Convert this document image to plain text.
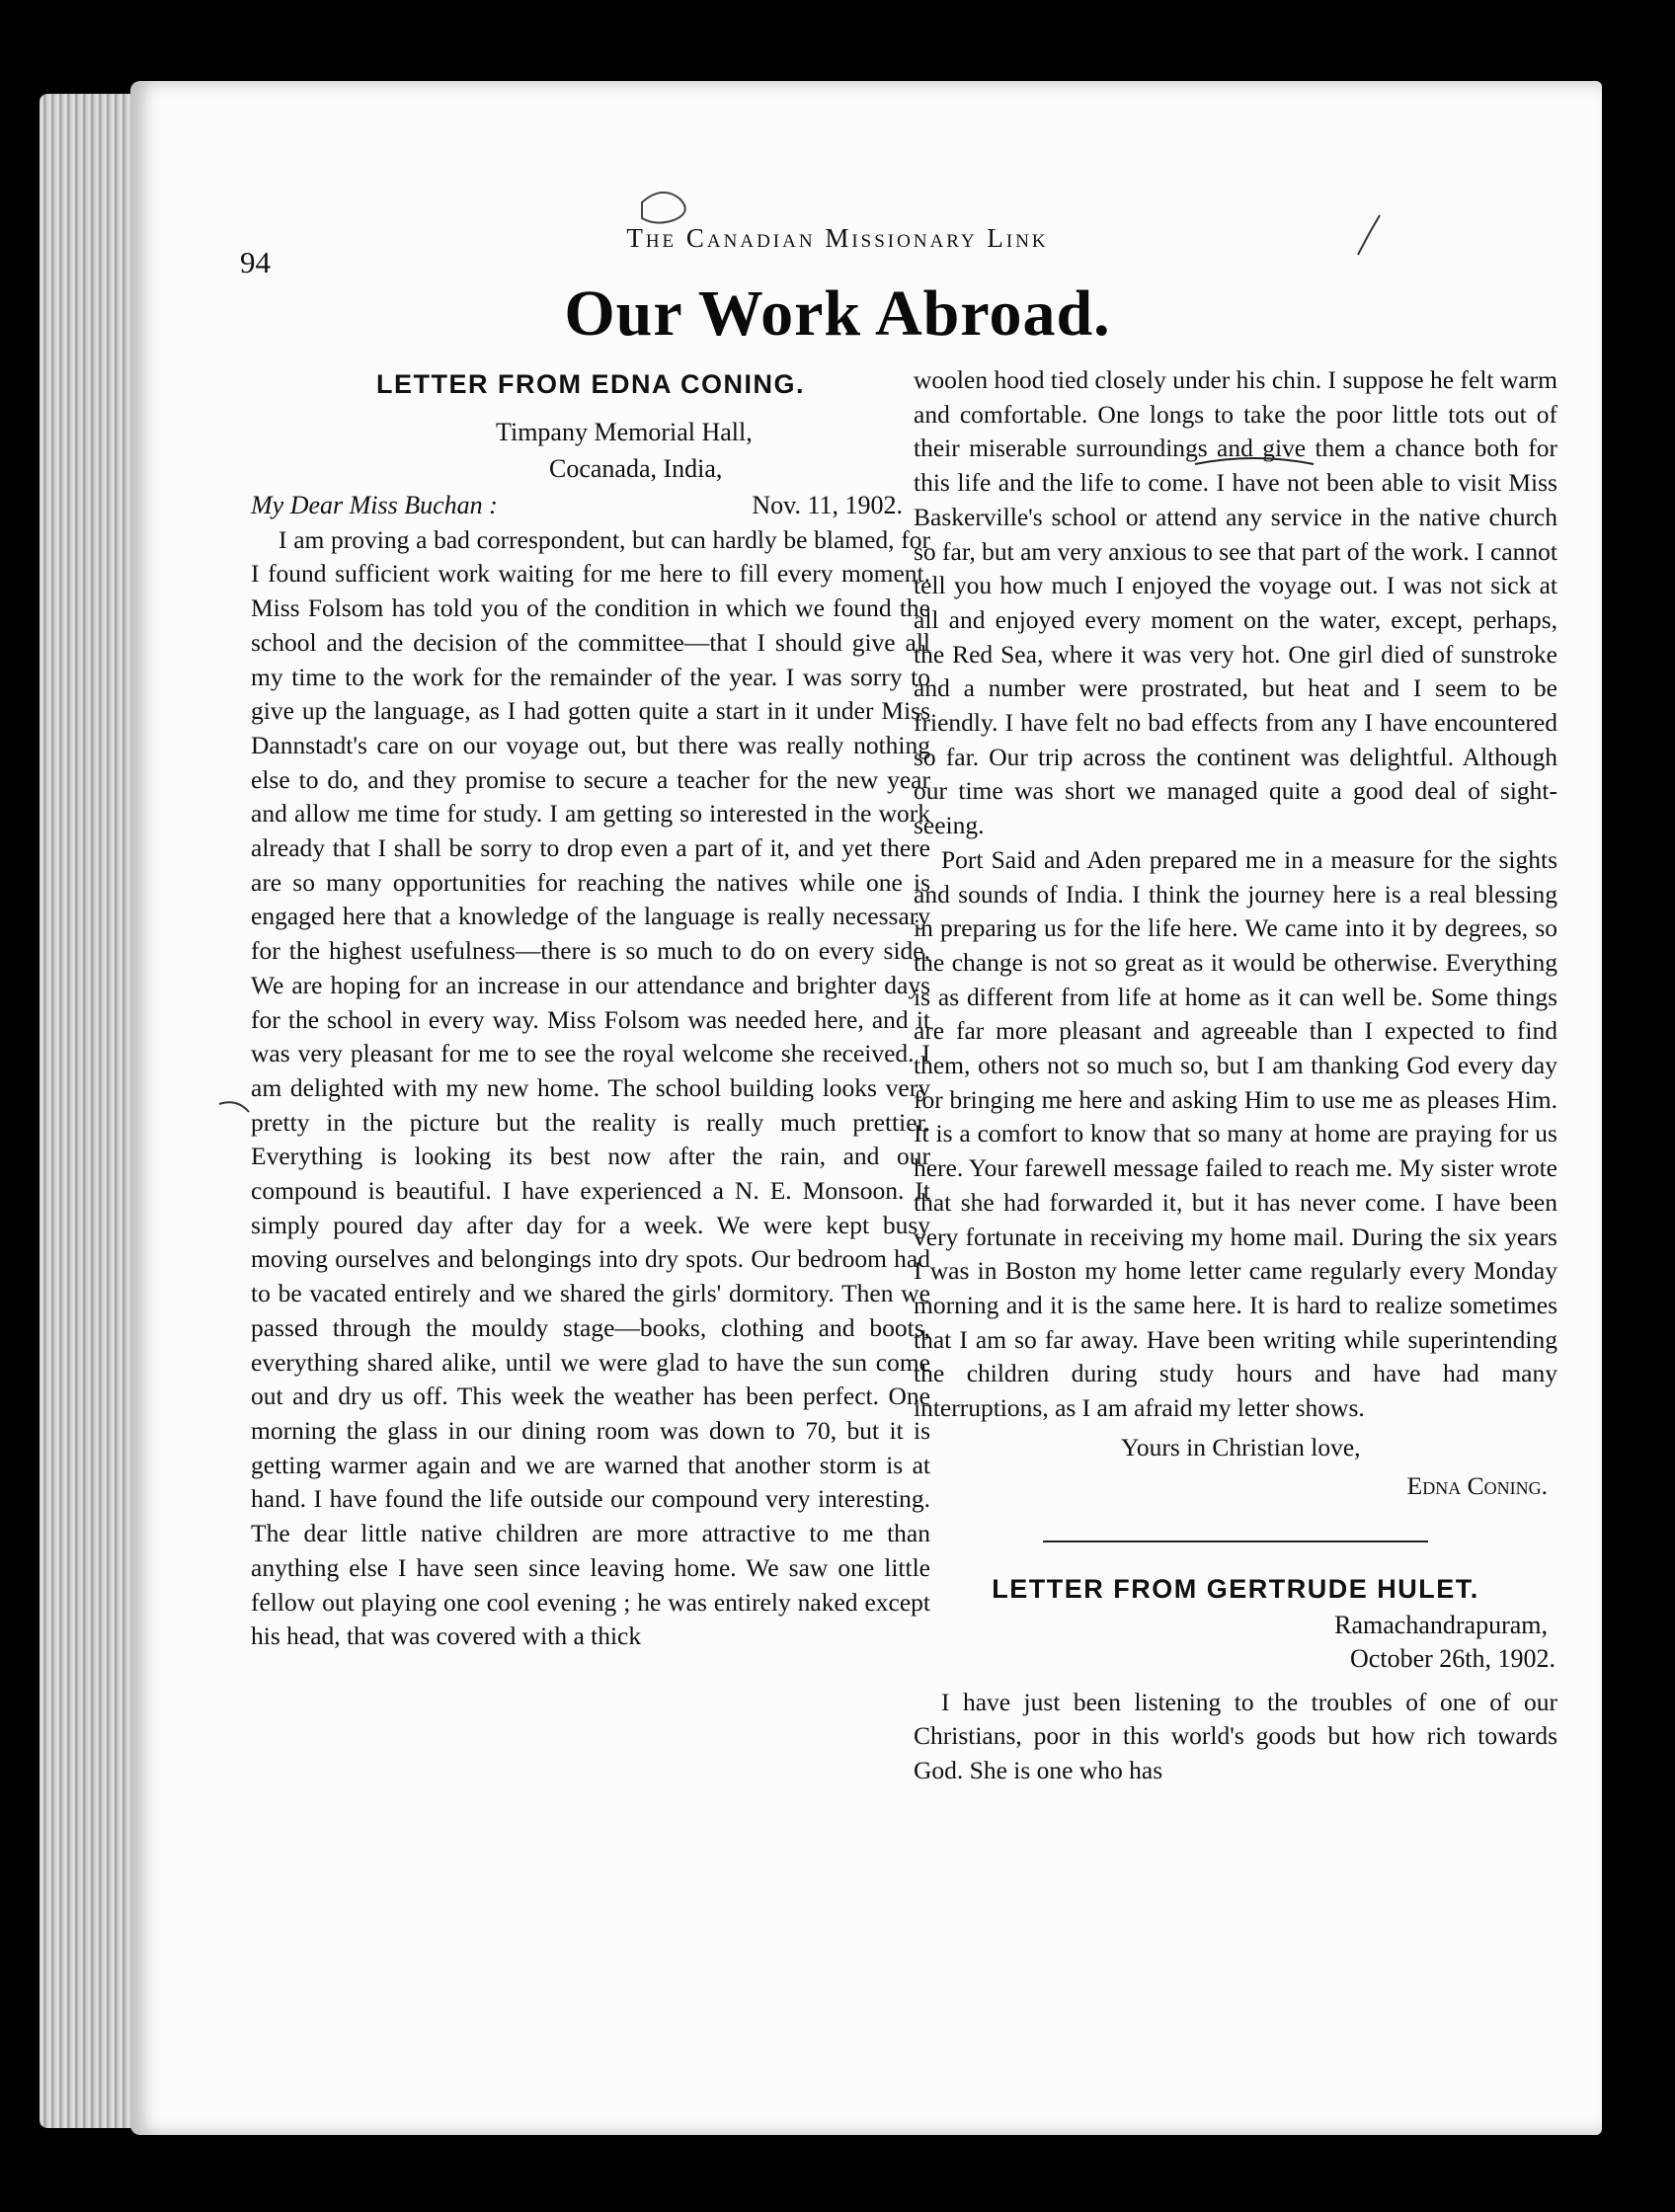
94
The Canadian Missionary Link
Our Work Abroad.
LETTER FROM EDNA CONING.

Timpany Memorial Hall,

Cocanada, India,

My Dear Miss Buchan :	Nov. 11, 1902.

I am proving a bad correspondent, but can hardly be blamed, for I found sufficient work waiting for me here to fill every moment. Miss Folsom has told you of the condition in which we found the school and the decision of the committee—that I should give all my time to the work for the remainder of the year. I was sorry to give up the language, as I had gotten quite a start in it under Miss Dannstadt's care on our voyage out, but there was really nothing else to do, and they promise to secure a teacher for the new year and allow me time for study. I am getting so interested in the work already that I shall be sorry to drop even a part of it, and yet there are so many opportunities for reaching the natives while one is engaged here that a knowledge of the language is really necessary for the highest usefulness—there is so much to do on every side. We are hoping for an increase in our attendance and brighter days for the school in every way. Miss Folsom was needed here, and it was very pleasant for me to see the royal welcome she received. I am delighted with my new home. The school building looks very pretty in the picture but the reality is really much prettier. Everything is looking its best now after the rain, and our compound is beautiful. I have experienced a N. E. Monsoon. It simply poured day after day for a week. We were kept busy moving ourselves and belongings into dry spots. Our bedroom had to be vacated entirely and we shared the girls' dormitory. Then we passed through the mouldy stage—books, clothing and boots, everything shared alike, until we were glad to have the sun come out and dry us off. This week the weather has been perfect. One morning the glass in our dining room was down to 70, but it is getting warmer again and we are warned that another storm is at hand. I have found the life outside our compound very interesting. The dear little native children are more attractive to me than anything else I have seen since leaving home. We saw one little fellow out playing one cool evening ; he was entirely naked except his head, that was covered with a thick

woolen hood tied closely under his chin. I suppose he felt warm and comfortable. One longs to take the poor little tots out of their miserable surroundings and give them a chance both for this life and the life to come. I have not been able to visit Miss Baskerville's school or attend any service in the native church so far, but am very anxious to see that part of the work. I cannot tell you how much I enjoyed the voyage out. I was not sick at all and enjoyed every moment on the water, except, perhaps, the Red Sea, where it was very hot. One girl died of sunstroke and a number were prostrated, but heat and I seem to be friendly. I have felt no bad effects from any I have encountered so far. Our trip across the continent was delightful. Although our time was short we managed quite a good deal of sight-seeing.

Port Said and Aden prepared me in a measure for the sights and sounds of India. I think the journey here is a real blessing in preparing us for the life here. We came into it by degrees, so the change is not so great as it would be otherwise. Everything is as different from life at home as it can well be. Some things are far more pleasant and agreeable than I expected to find them, others not so much so, but I am thanking God every day for bringing me here and asking Him to use me as pleases Him. It is a comfort to know that so many at home are praying for us here. Your farewell message failed to reach me. My sister wrote that she had forwarded it, but it has never come. I have been very fortunate in receiving my home mail. During the six years I was in Boston my home letter came regularly every Monday morning and it is the same here. It is hard to realize sometimes that I am so far away. Have been writing while superintending the children during study hours and have had many interruptions, as I am afraid my letter shows.

Yours in Christian love,

Edna Coning.

LETTER FROM GERTRUDE HULET.

Ramachandrapuram,

October 26th, 1902.

I have just been listening to the troubles of one of our Christians, poor in this world's goods but how rich towards God. She is one who has
